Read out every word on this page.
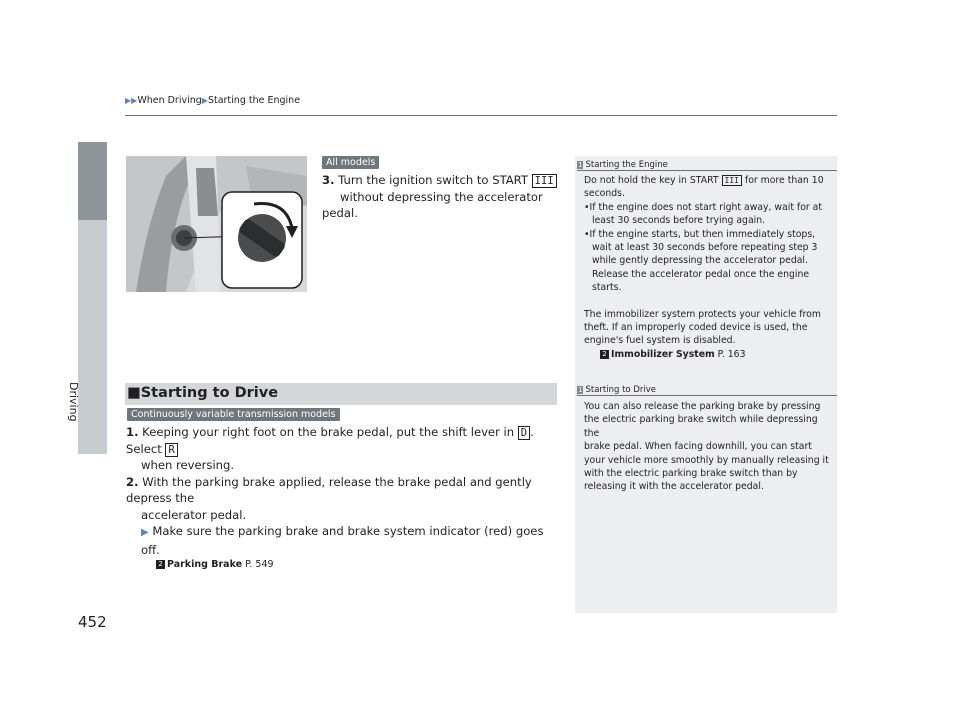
▶▶When Driving▶Starting the Engine
Driving
All models
3. Turn the ignition switch to START III
without depressing the accelerator pedal.
1 Starting the Engine
Do not hold the key in START III for more than 10
seconds.
•If the engine does not start right away, wait for at
least 30 seconds before trying again.
•If the engine starts, but then immediately stops,
wait at least 30 seconds before repeating step 3
while gently depressing the accelerator pedal.
Release the accelerator pedal once the engine
starts.
The immobilizer system protects your vehicle from
theft. If an improperly coded device is used, the
engine's fuel system is disabled.
2 Immobilizer System P. 163
■Starting to Drive
Continuously variable transmission models
1. Keeping your right foot on the brake pedal, put the shift lever in D . Select R
when reversing.
2. With the parking brake applied, release the brake pedal and gently depress the
accelerator pedal.
▶ Make sure the parking brake and brake system indicator (red) goes off.
2 Parking Brake P. 549
1 Starting to Drive
You can also release the parking brake by pressing
the electric parking brake switch while depressing the
brake pedal. When facing downhill, you can start
your vehicle more smoothly by manually releasing it
with the electric parking brake switch than by
releasing it with the accelerator pedal.
452
